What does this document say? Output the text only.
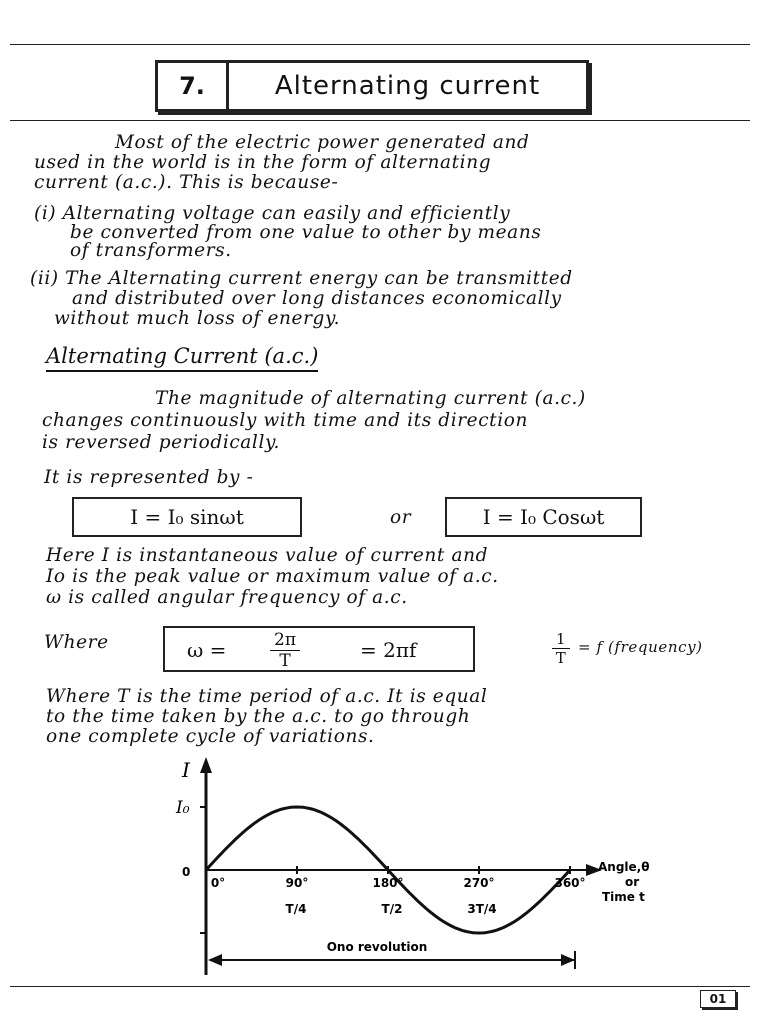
7.	Alternating current
Most of the electric power generated and
used in the world is in the form of alternating
current (a.c.). This is because-
(i) Alternating voltage can easily and efficiently
be converted from one value to other by means
of transformers.
(ii) The Alternating current energy can be transmitted
and distributed over long distances economically
without much loss of energy.
Alternating Current (a.c.)
The magnitude of alternating current (a.c.)
changes continuously with time and its direction
is reversed periodically.
It is represented by -
I = I₀ sinωt	or	I = I₀ Cosωt
Here I is instantaneous value of current and
Io is the peak value or maximum value of a.c.
ω is called angular frequency of a.c.
Where	ω =	$\frac{2\pi}{T}$	= 2πf	$\frac{1}{T} = f$ (frequency)
Where T is the time period of a.c. It is equal
to the time taken by the a.c. to go through
one complete cycle of variations.
I
I₀
0
0°	90°	180°	270°	360°
T/4	T/2	3T/4
Angle,θ
or
Time t
Ono revolution
01
